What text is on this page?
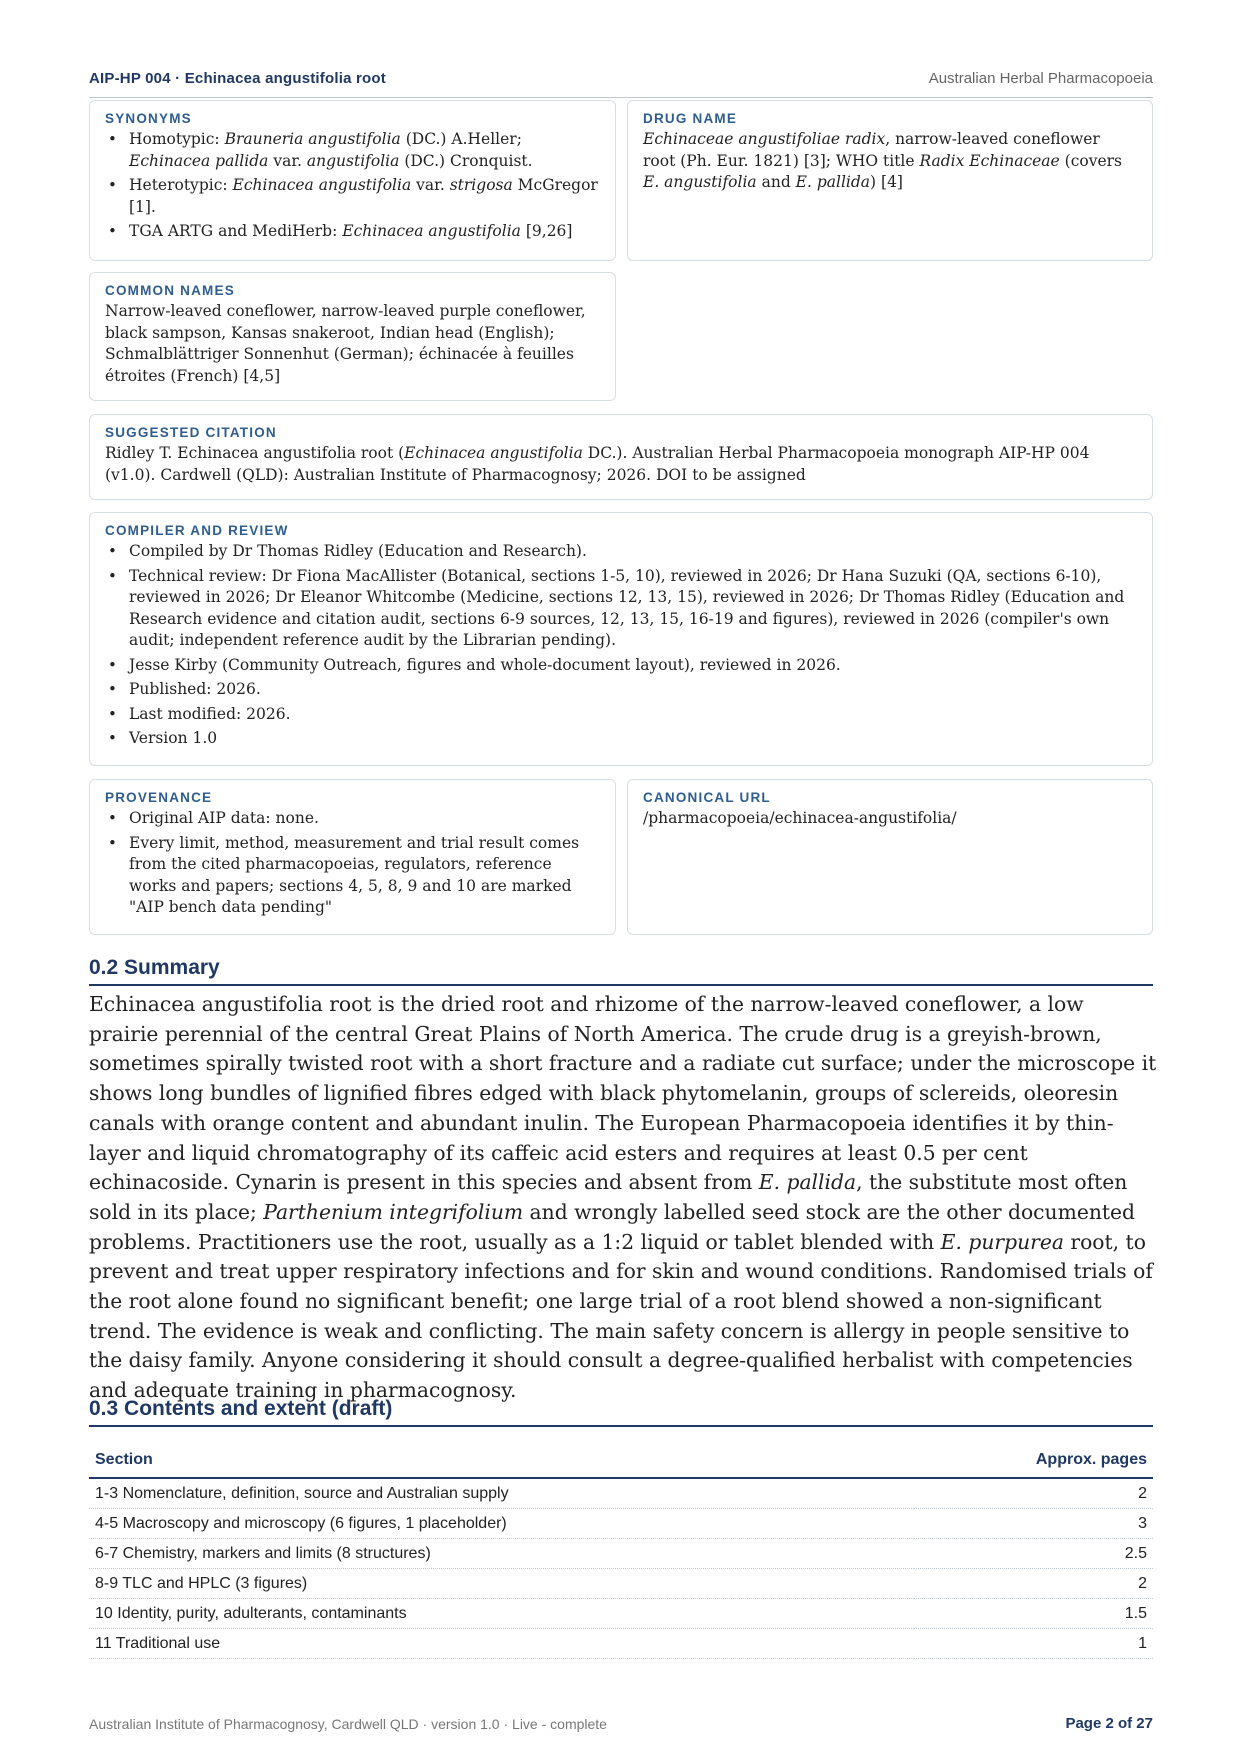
AIP-HP 004 · Echinacea angustifolia root	Australian Herbal Pharmacopoeia
SYNONYMS
• Homotypic: Brauneria angustifolia (DC.) A.Heller; Echinacea pallida var. angustifolia (DC.) Cronquist.
• Heterotypic: Echinacea angustifolia var. strigosa McGregor [1].
• TGA ARTG and MediHerb: Echinacea angustifolia [9,26]
DRUG NAME
Echinaceae angustifoliae radix, narrow-leaved coneflower root (Ph. Eur. 1821) [3]; WHO title Radix Echinaceae (covers E. angustifolia and E. pallida) [4]
COMMON NAMES
Narrow-leaved coneflower, narrow-leaved purple coneflower, black sampson, Kansas snakeroot, Indian head (English); Schmalblättriger Sonnenhut (German); échinacée à feuilles étroites (French) [4,5]
SUGGESTED CITATION
Ridley T. Echinacea angustifolia root (Echinacea angustifolia DC.). Australian Herbal Pharmacopoeia monograph AIP-HP 004 (v1.0). Cardwell (QLD): Australian Institute of Pharmacognosy; 2026. DOI to be assigned
COMPILER AND REVIEW
• Compiled by Dr Thomas Ridley (Education and Research).
• Technical review: Dr Fiona MacAllister (Botanical, sections 1-5, 10), reviewed in 2026; Dr Hana Suzuki (QA, sections 6-10), reviewed in 2026; Dr Eleanor Whitcombe (Medicine, sections 12, 13, 15), reviewed in 2026; Dr Thomas Ridley (Education and Research evidence and citation audit, sections 6-9 sources, 12, 13, 15, 16-19 and figures), reviewed in 2026 (compiler's own audit; independent reference audit by the Librarian pending).
• Jesse Kirby (Community Outreach, figures and whole-document layout), reviewed in 2026.
• Published: 2026.
• Last modified: 2026.
• Version 1.0
PROVENANCE
• Original AIP data: none.
• Every limit, method, measurement and trial result comes from the cited pharmacopoeias, regulators, reference works and papers; sections 4, 5, 8, 9 and 10 are marked "AIP bench data pending"
CANONICAL URL
/pharmacopoeia/echinacea-angustifolia/
0.2 Summary

Echinacea angustifolia root is the dried root and rhizome of the narrow-leaved coneflower, a low prairie perennial of the central Great Plains of North America. The crude drug is a greyish-brown, sometimes spirally twisted root with a short fracture and a radiate cut surface; under the microscope it shows long bundles of lignified fibres edged with black phytomelanin, groups of sclereids, oleoresin canals with orange content and abundant inulin. The European Pharmacopoeia identifies it by thin-layer and liquid chromatography of its caffeic acid esters and requires at least 0.5 per cent echinacoside. Cynarin is present in this species and absent from E. pallida, the substitute most often sold in its place; Parthenium integrifolium and wrongly labelled seed stock are the other documented problems. Practitioners use the root, usually as a 1:2 liquid or tablet blended with E. purpurea root, to prevent and treat upper respiratory infections and for skin and wound conditions. Randomised trials of the root alone found no significant benefit; one large trial of a root blend showed a non-significant trend. The evidence is weak and conflicting. The main safety concern is allergy in people sensitive to the daisy family. Anyone considering it should consult a degree-qualified herbalist with competencies and adequate training in pharmacognosy.

0.3 Contents and extent (draft)
Section	Approx. pages
1-3 Nomenclature, definition, source and Australian supply	2
4-5 Macroscopy and microscopy (6 figures, 1 placeholder)	3
6-7 Chemistry, markers and limits (8 structures)	2.5
8-9 TLC and HPLC (3 figures)	2
10 Identity, purity, adulterants, contaminants	1.5
11 Traditional use	1
Australian Institute of Pharmacognosy, Cardwell QLD · version 1.0 · Live - complete	Page 2 of 27
